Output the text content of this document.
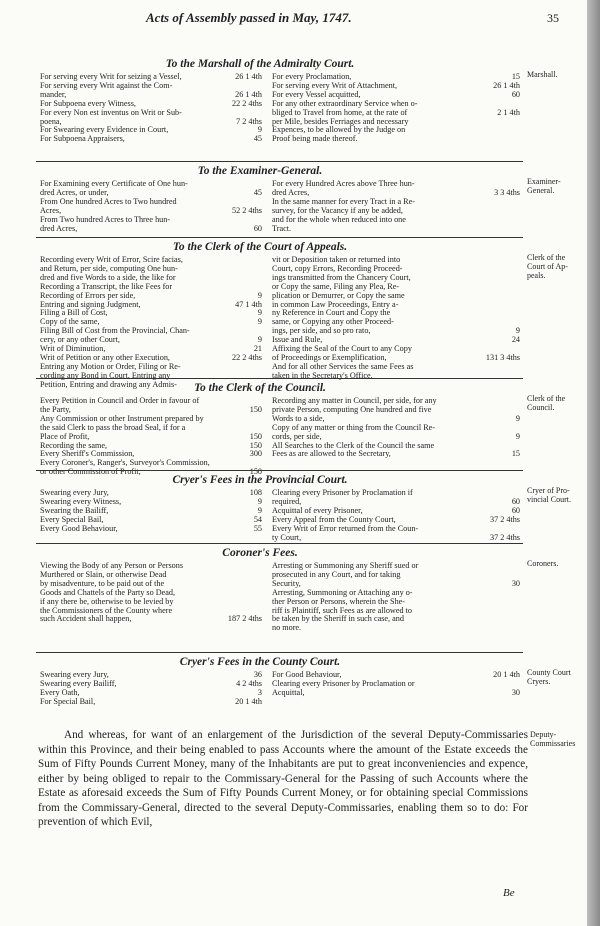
Acts of Assembly passed in May, 1747.	35
To the Marshall of the Admiralty Court.
For serving every Writ for seizing a Vessel,	26 1 4th
For serving every Writ against the Com-
mander,	26 1 4th
For Subpoena every Witness,	22 2 4ths
For every Non est inventus on Writ or Sub-
poena,	7 2 4ths
For Swearing every Evidence in Court,	9
For Subpoena Appraisers,	45
For every Proclamation,	15
For serving every Writ of Attachment,	26 1 4th
For every Vessel acquitted,	60
For any other extraordinary Service when o-
bliged to Travel from home, at the rate of	2 1 4th
per Mile, besides Ferriages and necessary
Expences, to be allowed by the Judge on
Proof being made thereof.
Marshall.
To the Examiner-General.
For Examining every Certificate of One hun-
dred Acres, or under,	45
From One hundred Acres to Two hundred
Acres,	52 2 4ths
From Two hundred Acres to Three hun-
dred Acres,	60
For every Hundred Acres above Three hun-
dred Acres,	3 3 4ths
In the same manner for every Tract in a Re-
survey, for the Vacancy if any be added,
and for the whole when reduced into one
Tract.
Examiner-
General.
To the Clerk of the Court of Appeals.
Recording every Writ of Error, Scire facias,
and Return, per side, computing One hun-
dred and five Words to a side, the like for
Recording a Transcript, the like Fees for
Recording of Errors per side,	9
Entring and signing Judgment,	47 1 4th
Filing a Bill of Cost,	9
Copy of the same,	9
Filing Bill of Cost from the Provincial, Chan-
cery, or any other Court,	9
Writ of Diminution,	21
Writ of Petition or any other Execution,	22 2 4ths
Entring any Motion or Order, Filing or Re-
cording any Bond in Court, Entring any
Petition, Entring and drawing any Admis-
vit or Deposition taken or returned into
Court, copy Errors, Recording Proceed-
ings transmitted from the Chancery Court,
or Copy the same, Filing any Plea, Re-
plication or Demurrer, or Copy the same
in common Law Proceedings, Entry a-
ny Reference in Court and Copy the
same, or Copying any other Proceed-
ings, per side, and so pro rato,	9
Issue and Rule,	24
Affixing the Seal of the Court to any Copy
of Proceedings or Exemplification,	131 3 4ths
And for all other Services the same Fees as
taken in the Secretary's Office.
Clerk of the
Court of Ap-
peals.
To the Clerk of the Council.
Every Petition in Council and Order in favour of
the Party,	150
Any Commission or other Instrument prepared by
the said Clerk to pass the broad Seal, if for a
Place of Profit,	150
Recording the same,	150
Every Sheriff's Commission,	300
Every Coroner's, Ranger's, Surveyor's Commission,
or other Commission of Profit,	150
Recording any matter in Council, per side, for any
private Person, computing One hundred and five
Words to a side,	9
Copy of any matter or thing from the Council Re-
cords, per side,	9
All Searches to the Clerk of the Council the same
Fees as are allowed to the Secretary,	15
Clerk of the
Council.
Cryer's Fees in the Provincial Court.
Swearing every Jury,	108
Swearing every Witness,	9
Swearing the Bailiff,	9
Every Special Bail,	54
Every Good Behaviour,	55
Clearing every Prisoner by Proclamation if
required,	60
Acquittal of every Prisoner,	60
Every Appeal from the County Court,	37 2 4ths
Every Writ of Error returned from the Coun-
ty Court,	37 2 4ths
Cryer of Pro-
vincial Court.
Coroner's Fees.
Viewing the Body of any Person or Persons
Murthered or Slain, or otherwise Dead
by misadventure, to be paid out of the
Goods and Chattels of the Party so Dead,
if any there be, otherwise to be levied by
the Commissioners of the County where
such Accident shall happen,	187 2 4ths
Arresting or Summoning any Sheriff sued or
prosecuted in any Court, and for taking
Security,	30
Arresting, Summoning or Attaching any o-
ther Person or Persons, wherein the She-
riff is Plaintiff, such Fees as are allowed to
be taken by the Sheriff in such case, and
no more.
Coroners.
Cryer's Fees in the County Court.
Swearing every Jury,	36
Swearing every Bailiff,	4 2 4ths
Every Oath,	3
For Special Bail,	20 1 4th
For Good Behaviour,	20 1 4th
Clearing every Prisoner by Proclamation or
Acquittal,	30
County Court
Cryers.
And whereas, for want of an enlargement of the Jurisdiction of the several Deputy-Commissaries within this Province, and their being enabled to pass Accounts where the amount of the Estate exceeds the Sum of Fifty Pounds Current Money, many of the Inhabitants are put to great inconveniencies and expence, either by being obliged to repair to the Commissary-General for the Passing of such Accounts where the Estate as aforesaid exceeds the Sum of Fifty Pounds Current Money, or for obtaining special Commissions from the Commissary-General, directed to the several Deputy-Commissaries, enabling them so to do: For prevention of which Evil,
Deputy-
Commissaries
Be
